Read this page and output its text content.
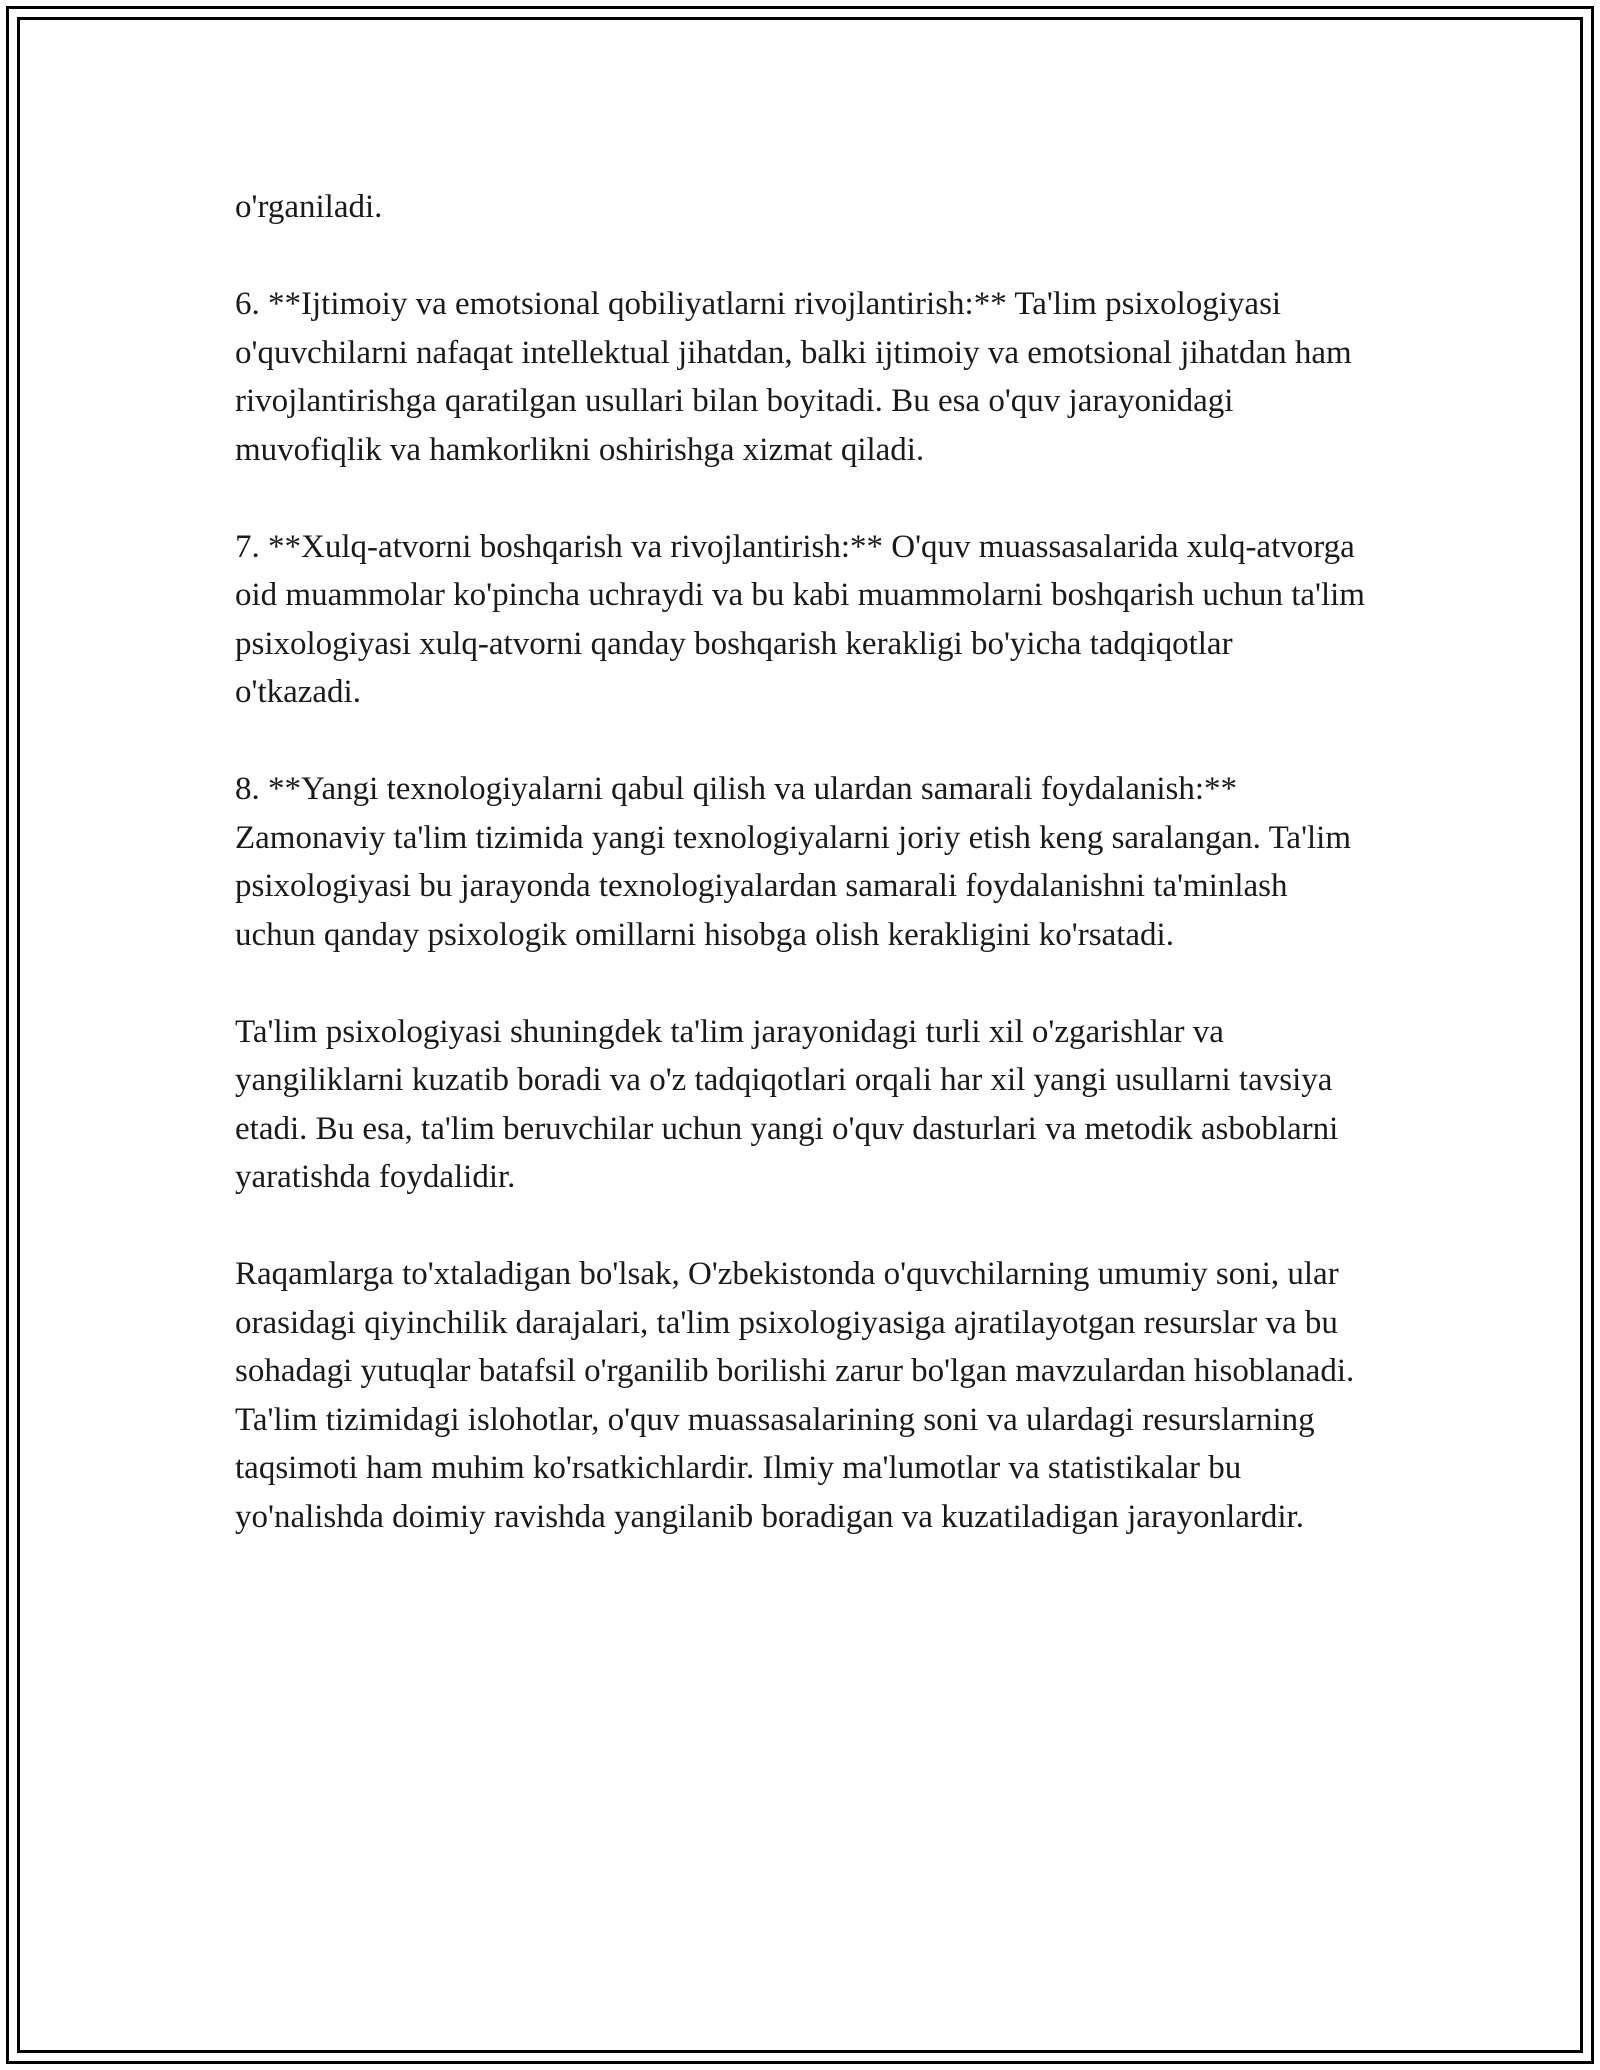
o'rganiladi.

6. **Ijtimoiy va emotsional qobiliyatlarni rivojlantirish:** Ta'lim psixologiyasi o'quvchilarni nafaqat intellektual jihatdan, balki ijtimoiy va emotsional jihatdan ham rivojlantirishga qaratilgan usullari bilan boyitadi. Bu esa o'quv jarayonidagi muvofiqlik va hamkorlikni oshirishga xizmat qiladi.

7. **Xulq-atvorni boshqarish va rivojlantirish:** O'quv muassasalarida xulq-atvorga oid muammolar ko'pincha uchraydi va bu kabi muammolarni boshqarish uchun ta'lim psixologiyasi xulq-atvorni qanday boshqarish kerakligi bo'yicha tadqiqotlar o'tkazadi.

8. **Yangi texnologiyalarni qabul qilish va ulardan samarali foydalanish:** Zamonaviy ta'lim tizimida yangi texnologiyalarni joriy etish keng saralangan. Ta'lim psixologiyasi bu jarayonda texnologiyalardan samarali foydalanishni ta'minlash uchun qanday psixologik omillarni hisobga olish kerakligini ko'rsatadi.

Ta'lim psixologiyasi shuningdek ta'lim jarayonidagi turli xil o'zgarishlar va yangiliklarni kuzatib boradi va o'z tadqiqotlari orqali har xil yangi usullarni tavsiya etadi. Bu esa, ta'lim beruvchilar uchun yangi o'quv dasturlari va metodik asboblarni yaratishda foydalidir.

Raqamlarga to'xtaladigan bo'lsak, O'zbekistonda o'quvchilarning umumiy soni, ular orasidagi qiyinchilik darajalari, ta'lim psixologiyasiga ajratilayotgan resurslar va bu sohadagi yutuqlar batafsil o'rganilib borilishi zarur bo'lgan mavzulardan hisoblanadi. Ta'lim tizimidagi islohotlar, o'quv muassasalarining soni va ulardagi resurslarning taqsimoti ham muhim ko'rsatkichlardir. Ilmiy ma'lumotlar va statistikalar bu yo'nalishda doimiy ravishda yangilanib boradigan va kuzatiladigan jarayonlardir.
